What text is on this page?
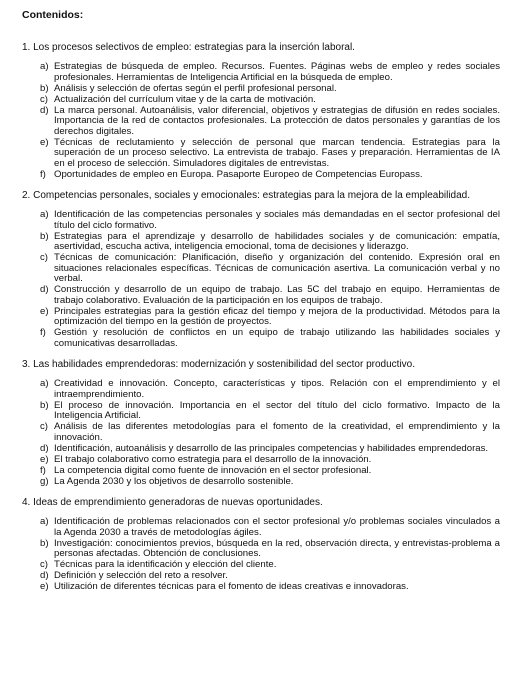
Contenidos:
1. Los procesos selectivos de empleo: estrategias para la inserción laboral.
a) Estrategias de búsqueda de empleo. Recursos. Fuentes. Páginas webs de empleo y redes sociales profesionales. Herramientas de Inteligencia Artificial en la búsqueda de empleo.
b) Análisis y selección de ofertas según el perfil profesional personal.
c) Actualización del currículum vitae y de la carta de motivación.
d) La marca personal. Autoanálisis, valor diferencial, objetivos y estrategias de difusión en redes sociales. Importancia de la red de contactos profesionales. La protección de datos personales y garantías de los derechos digitales.
e) Técnicas de reclutamiento y selección de personal que marcan tendencia. Estrategias para la superación de un proceso selectivo. La entrevista de trabajo. Fases y preparación. Herramientas de IA en el proceso de selección. Simuladores digitales de entrevistas.
f) Oportunidades de empleo en Europa. Pasaporte Europeo de Competencias Europass.
2. Competencias personales, sociales y emocionales: estrategias para la mejora de la empleabilidad.
a) Identificación de las competencias personales y sociales más demandadas en el sector profesional del título del ciclo formativo.
b) Estrategias para el aprendizaje y desarrollo de habilidades sociales y de comunicación: empatía, asertividad, escucha activa, inteligencia emocional, toma de decisiones y liderazgo.
c) Técnicas de comunicación: Planificación, diseño y organización del contenido. Expresión oral en situaciones relacionales específicas. Técnicas de comunicación asertiva. La comunicación verbal y no verbal.
d) Construcción y desarrollo de un equipo de trabajo. Las 5C del trabajo en equipo. Herramientas de trabajo colaborativo. Evaluación de la participación en los equipos de trabajo.
e) Principales estrategias para la gestión eficaz del tiempo y mejora de la productividad. Métodos para la optimización del tiempo en la gestión de proyectos.
f) Gestión y resolución de conflictos en un equipo de trabajo utilizando las habilidades sociales y comunicativas desarrolladas.
3. Las habilidades emprendedoras: modernización y sostenibilidad del sector productivo.
a) Creatividad e innovación. Concepto, características y tipos. Relación con el emprendimiento y el intraemprendimiento.
b) El proceso de innovación. Importancia en el sector del título del ciclo formativo. Impacto de la Inteligencia Artificial.
c) Análisis de las diferentes metodologías para el fomento de la creatividad, el emprendimiento y la innovación.
d) Identificación, autoanálisis y desarrollo de las principales competencias y habilidades emprendedoras.
e) El trabajo colaborativo como estrategia para el desarrollo de la innovación.
f) La competencia digital como fuente de innovación en el sector profesional.
g) La Agenda 2030 y los objetivos de desarrollo sostenible.
4. Ideas de emprendimiento generadoras de nuevas oportunidades.
a) Identificación de problemas relacionados con el sector profesional y/o problemas sociales vinculados a la Agenda 2030 a través de metodologías ágiles.
b) Investigación: conocimientos previos, búsqueda en la red, observación directa, y entrevistas-problema a personas afectadas. Obtención de conclusiones.
c) Técnicas para la identificación y elección del cliente.
d) Definición y selección del reto a resolver.
e) Utilización de diferentes técnicas para el fomento de ideas creativas e innovadoras.
